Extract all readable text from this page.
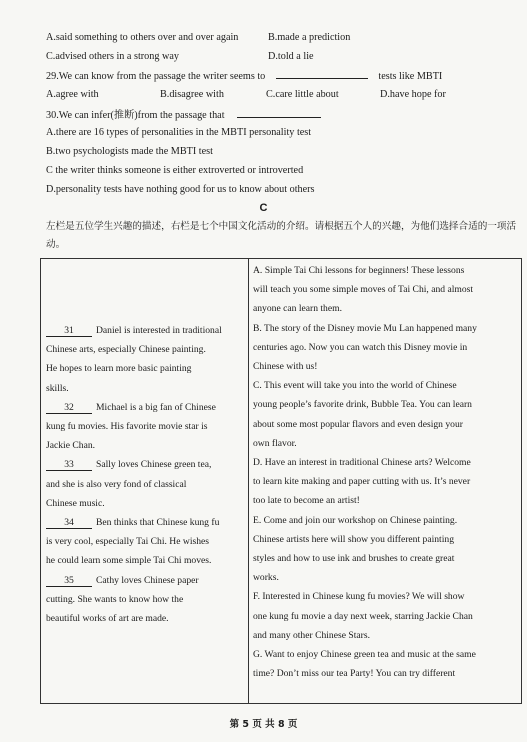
A.said something to others over and over again	B.made a prediction
C.advised others in a strong way	D.told a lie
29.We can know from the passage the writer seems to	tests like MBTI
A.agree with	B.disagree with	C.care little about	D.have hope for
30.We can infer(推断)from the passage that
A.there are 16 types of personalities in the MBTI personality test
B.two psychologists made the MBTI test
C the writer thinks someone is either extroverted or introverted
D.personality tests have nothing good for us to know about others
C
左栏是五位学生兴趣的描述，右栏是七个中国文化活动的介绍。请根据五个人的兴趣，为他们选择合适的一项活动。
31 Daniel is interested in traditional
Chinese arts, especially Chinese painting.
He hopes to learn more basic painting
skills.
32 Michael is a big fan of Chinese
kung fu movies. His favorite movie star is
Jackie Chan.
33 Sally loves Chinese green tea,
and she is also very fond of classical
Chinese music.
34 Ben thinks that Chinese kung fu
is very cool, especially Tai Chi. He wishes
he could learn some simple Tai Chi moves.
35 Cathy loves Chinese paper
cutting. She wants to know how the
beautiful works of art are made.
A. Simple Tai Chi lessons for beginners! These lessons
will teach you some simple moves of Tai Chi, and almost
anyone can learn them.
B. The story of the Disney movie Mu Lan happened many
centuries ago. Now you can watch this Disney movie in
Chinese with us!
C. This event will take you into the world of Chinese
young people’s favorite drink, Bubble Tea. You can learn
about some most popular flavors and even design your
own flavor.
D. Have an interest in traditional Chinese arts? Welcome
to learn kite making and paper cutting with us. It’s never
too late to become an artist!
E. Come and join our workshop on Chinese painting.
Chinese artists here will show you different painting
styles and how to use ink and brushes to create great
works.
F. Interested in Chinese kung fu movies? We will show
one kung fu movie a day next week, starring Jackie Chan
and many other Chinese Stars.
G. Want to enjoy Chinese green tea and music at the same
time? Don’t miss our tea Party! You can try different
第 5 页 共 8 页
